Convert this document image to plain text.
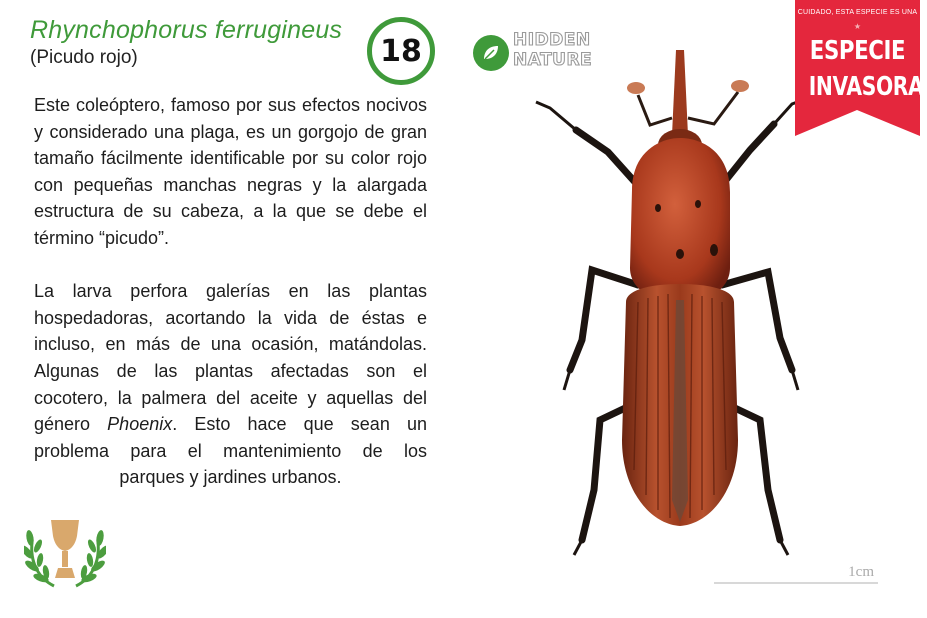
Rhynchophorus ferrugineus
(Picudo rojo)	18	HIDDEN
NATURE

Este coleóptero, famoso por sus efectos nocivos y considerado una plaga, es un gorgojo de gran tamaño fácilmente identificable por su color rojo con pequeñas manchas negras y la alargada estructura de su cabeza, a la que se debe el término “picudo”.

La larva perfora galerías en las plantas hospedadoras, acortando la vida de éstas e incluso, en más de una ocasión, matándolas. Algunas de las plantas afectadas son el cocotero, la palmera del aceite y aquellas del género Phoenix. Esto hace que sean un problema para el mantenimiento de los

parques y jardines urbanos.

CUIDADO, ESTA ESPECIE ES UNA
★
ESPECIE
INVASORA
1cm
